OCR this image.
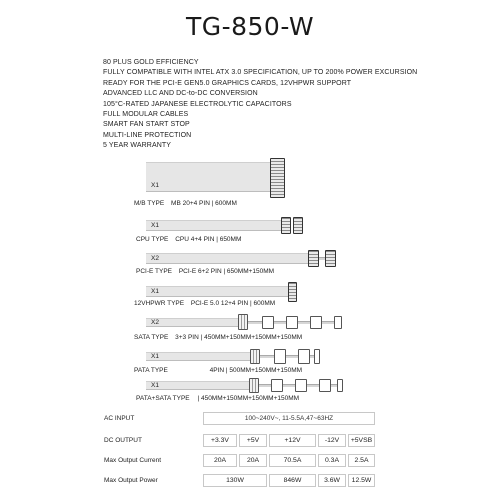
TG-850-W
80 PLUS GOLD EFFICIENCY
FULLY COMPATIBLE WITH INTEL ATX 3.0 SPECIFICATION, UP TO 200% POWER EXCURSION
READY FOR THE PCI-E GEN5.0 GRAPHICS CARDS, 12VHPWR SUPPORT
ADVANCED LLC AND DC-to-DC CONVERSION
105°C-RATED JAPANESE ELECTROLYTIC CAPACITORS
FULL MODULAR CABLES
SMART FAN START STOP
MULTI-LINE PROTECTION
5 YEAR WARRANTY
X1
M/B TYPE MB 20+4 PIN | 600MM
X1
CPU TYPE CPU 4+4 PIN | 650MM
X2
PCI-E TYPE PCI-E 6+2 PIN | 650MM+150MM
X1
12VHPWR TYPE PCI-E 5.0 12+4 PIN | 600MM
X2
SATA TYPE 3+3 PIN | 450MM+150MM+150MM+150MM
X1
PATA TYPE	4PIN | 500MM+150MM+150MM
X1
PATA+SATA TYPE | 450MM+150MM+150MM+150MM
AC INPUT	100~240V~, 11-5.5A,47~63HZ
DC OUTPUT	+3.3V	+5V	+12V	-12V	+5VSB
Max Output Current	20A	20A	70.5A	0.3A	2.5A
Max Output Power	130W	846W	3.6W	12.5W
